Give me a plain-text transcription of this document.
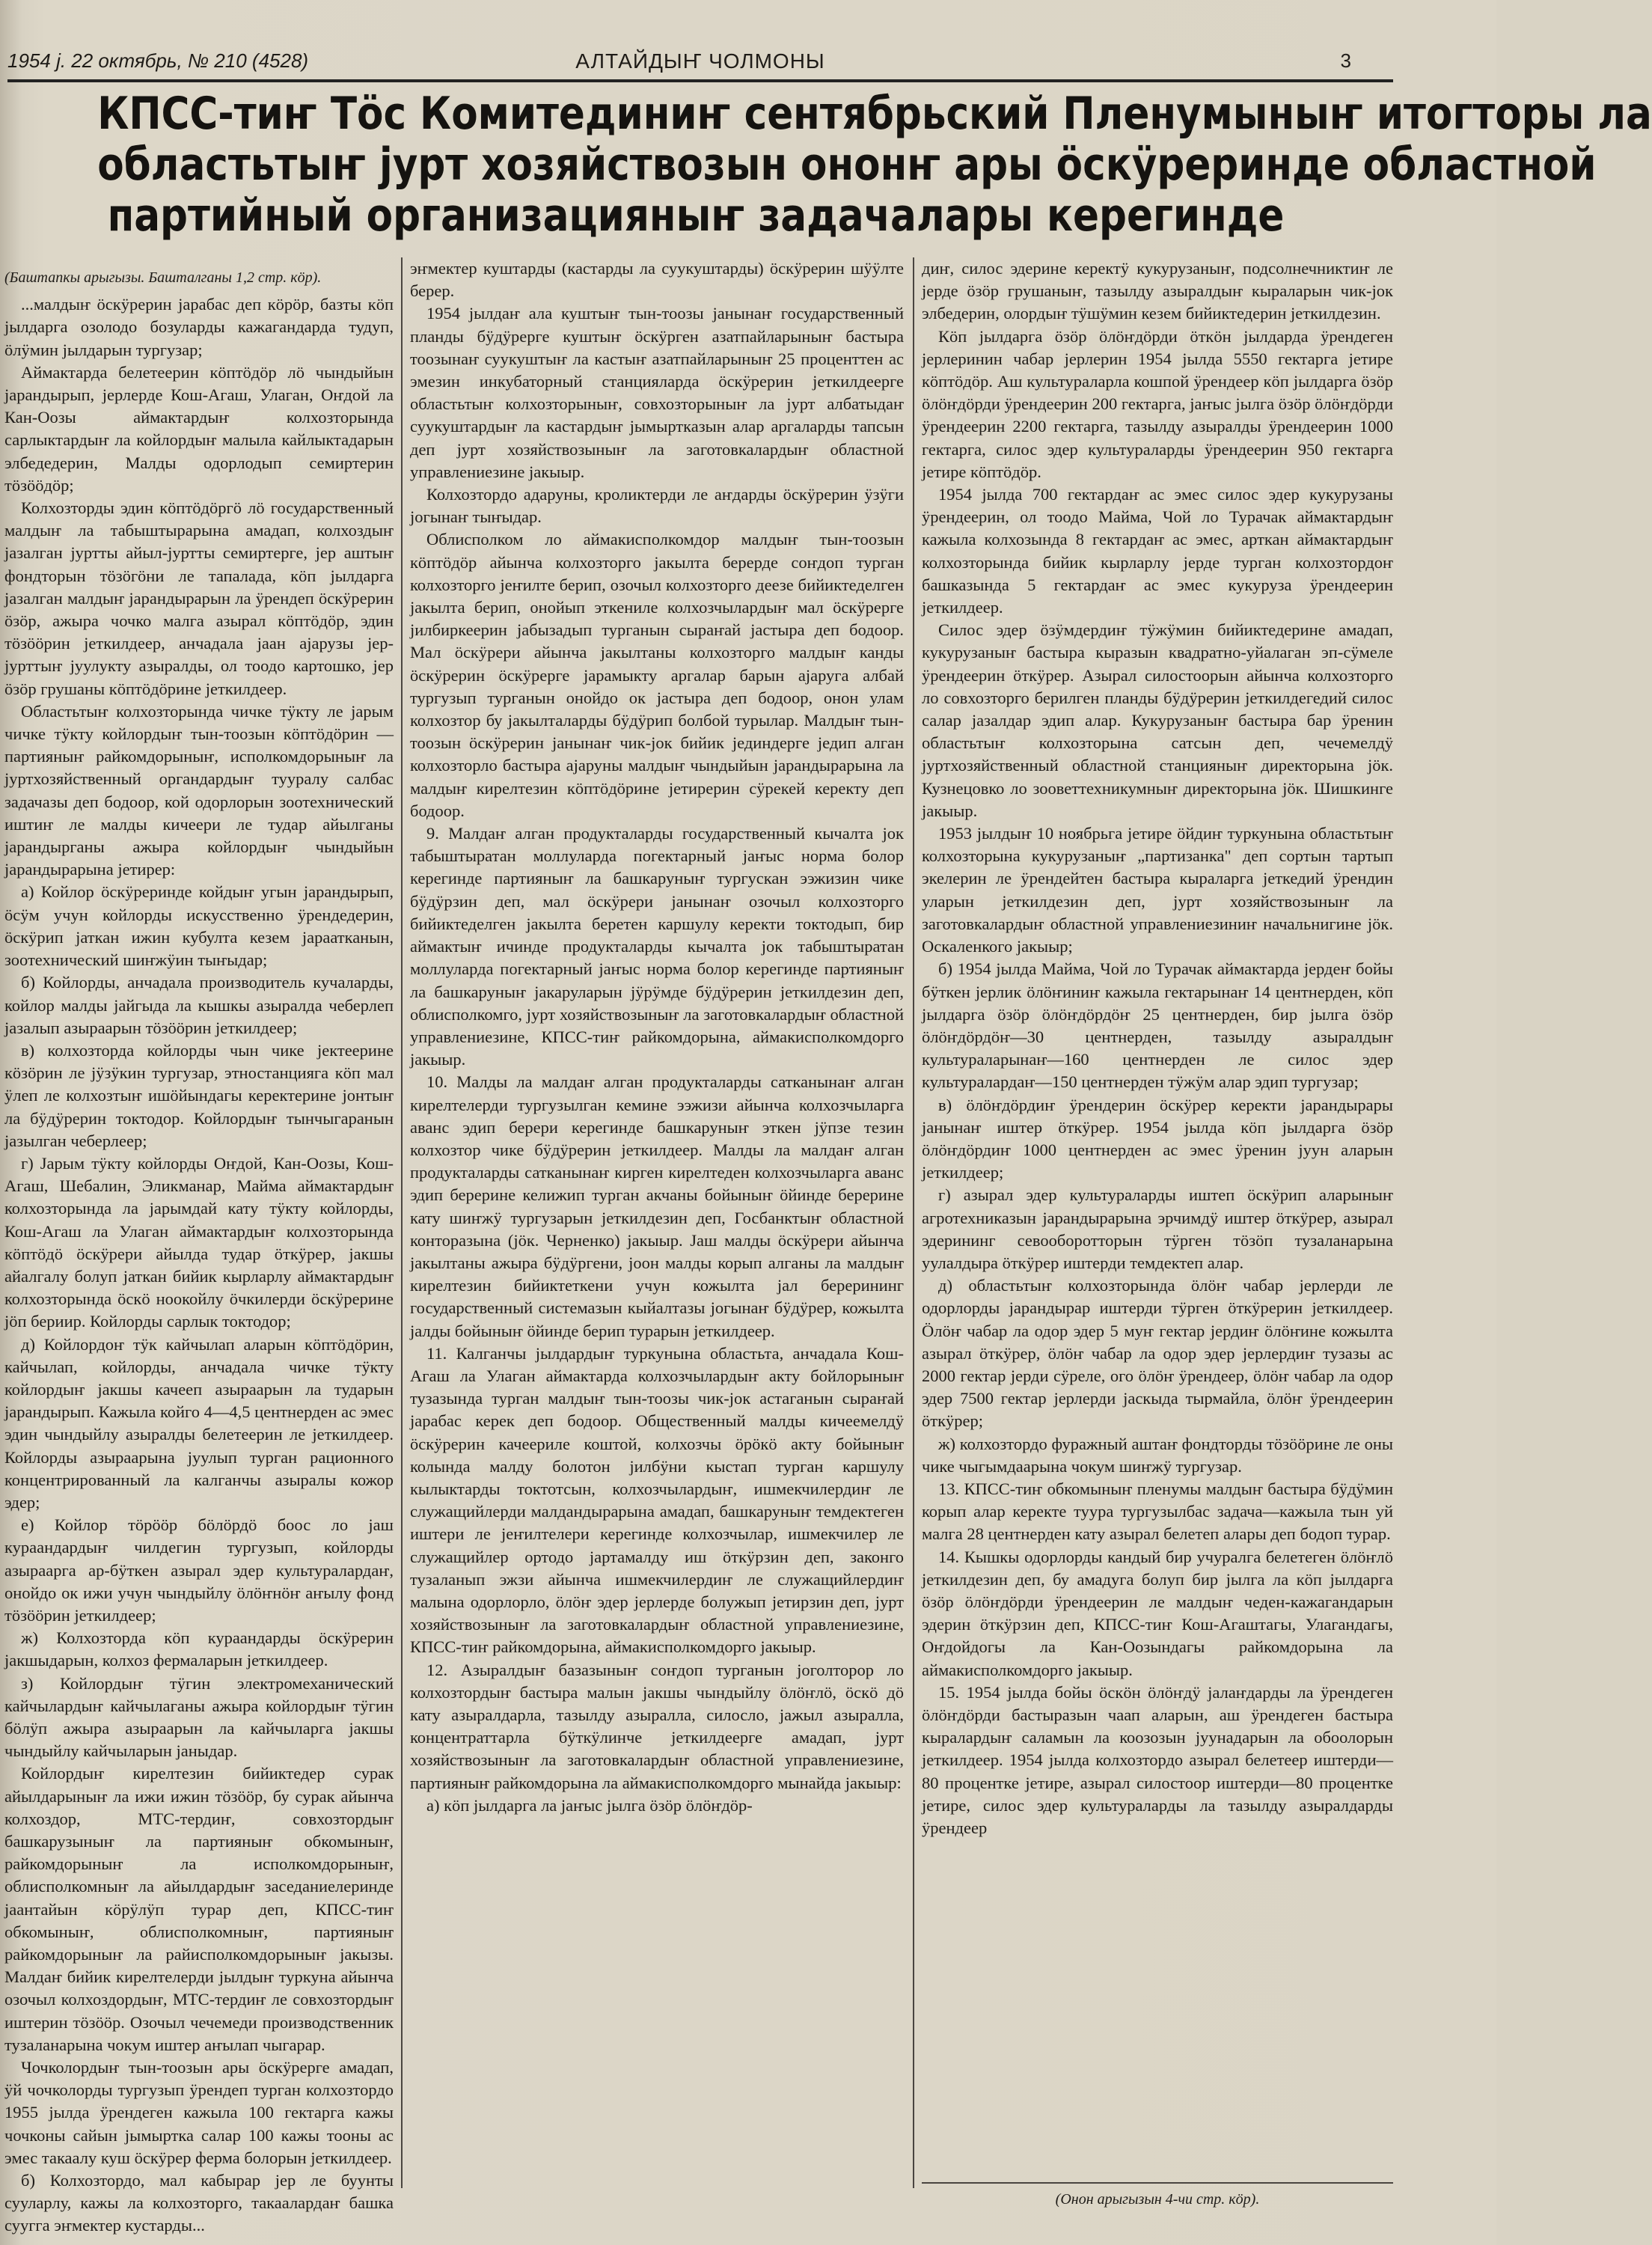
1954 j. 22 октябрь, № 210 (4528)	АЛТАЙДЫҤ ЧОЛМОНЫ	3
КПСС-тиҥ Тӧс Комитединиҥ сентябрьский Пленумыныҥ итогторы ла
областьтыҥ јурт хозяйствозын ононҥ ары ӧскӱреринде областной
партийный организацияныҥ задачалары керегинде

(Баштапкы арыгызы. Башталганы 1,2 стр. кӧр).

...малдыҥ ӧскӱрерин јарабас деп кӧрӧр, базты кӧп јылдарга озолодо бозуларды кажагандарда тудуп, ӧлӱмин јылдарын тургузар;

Аймактарда белетеерин кӧптӧдӧр лӧ чындыйын јарандырып, јерлерде Кош-Агаш, Улаган, Оҥдой ла Кан-Оозы аймактардыҥ колхозторында сарлыктардыҥ ла койлордыҥ малыла кайлыктадарын элбедедерин, Малды одорлодып семиртерин тӧзӧӧдӧр;

Колхозторды эдин кӧптӧдӧргӧ лӧ государственный малдыҥ ла табыштырарына амадап, колхоздыҥ јазалган јуртты айыл-јуртты семиртерге, јер аштыҥ фондторын тӧзӧгӧни ле тапалада, кӧп јылдарга јазалган малдыҥ јарандырарын ла ӱрендеп ӧскӱрерин ӧзӧр, ажыра чочко малга азырал кӧптӧдӧр, эдин тӧзӧӧрин јеткилдеер, анчадала јаан ајарузы јер-јурттыҥ јуулукту азыралды, ол тоодо картошко, јер ӧзӧр грушаны кӧптӧдӧрине јеткилдеер.

Областьтыҥ колхозторында чичке тӱкту ле јарым чичке тӱкту койлордыҥ тын-тоозын кӧптӧдӧрин — партияныҥ райкомдорыныҥ, исполкомдорыныҥ ла јуртхозяйственный органдардыҥ тууралу салбас задачазы деп бодоор, кой одорлорын зоотехнический иштиҥ ле малды кичеери ле тудар айылганы јарандырганы ажыра койлордыҥ чындыйын јарандырарына јетирер:

а) Койлор ӧскӱреринде койдыҥ угын јарандырып, ӧсӱм учун койлорды искусственно ӱрендедерин, ӧскӱрип јаткан ижин кубулта кезем јараатканын, зоотехнический шиҥжӱин тыҥыдар;

б) Койлорды, анчадала производитель кучаларды, койлор малды јайгыда ла кышкы азыралда чеберлеп јазалып азыраарын тӧзӧӧрин јеткилдеер;

в) колхозторда койлорды чын чике јектеерине кӧзӧрин ле јӱзӱкин тургузар, этностанцияга кӧп мал ӱлеп ле колхозтыҥ ишӧйындагы керектерине јонтыҥ ла бӱдӱрерин токтодор. Койлордыҥ тынчыгаранын јазылган чеберлеер;

г) Јарым тӱкту койлорды Оҥдой, Кан-Оозы, Кош-Агаш, Шебалин, Эликманар, Майма аймактардыҥ колхозторында ла јарымдай кату тӱкту койлорды, Кош-Агаш ла Улаган аймактардыҥ колхозторында кӧптӧдӧ ӧскӱрери айылда тудар ӧткӱрер, јакшы айалгалу болуп јаткан бийик кырларлу аймактардыҥ колхозторында ӧскӧ ноокойлу ӧчкилерди ӧскӱрерине јӧп бериир. Койлорды сарлык токтодор;

д) Койлордоҥ тӱк кайчылап аларын кӧптӧдӧрин, кайчылап, койлорды, анчадала чичке тӱкту койлордыҥ јакшы качееп азыраарын ла тударын јарандырып. Кажыла койго 4—4,5 центнерден ас эмес эдин чындыйлу азыралды белетеерин ле јеткилдеер. Койлорды азыраарына јуулып турган рационного концентрированный ла калганчы азыралы кожор эдер;

е) Койлор тӧрӧӧр бӧлӧрдӧ боос ло јаш кураандардыҥ чилдегин тургузып, койлорды азыраарга ар-бӱткен азырал эдер культуралардаҥ, онойдо ок ижи учун чындыйлу ӧлӧҥнӧҥ аҥылу фонд тӧзӧӧрин јеткилдеер;

ж) Колхозторда кӧп кураандарды ӧскӱрерин јакшыдарын, колхоз фермаларын јеткилдеер.

з) Койлордыҥ тӱгин электромеханический кайчылардыҥ кайчылаганы ажыра койлордыҥ тӱгин бӧлӱп ажыра азыраарын ла кайчыларга јакшы чындыйлу кайчыларын јаныдар.

Койлордыҥ кирелтезин бийиктедер сурак айылдарыныҥ ла ижи ижин тӧзӧӧр, бу сурак айынча колхоздор, МТС-тердиҥ, совхозтордыҥ башкарузыныҥ ла партияныҥ обкомыныҥ, райкомдорыныҥ ла исполкомдорыныҥ, облисполкомныҥ ла айылдардыҥ заседаниелеринде јаантайын кӧрӱлӱп турар деп, КПСС-тиҥ обкомыныҥ, облисполкомныҥ, партияныҥ райкомдорыныҥ ла райисполкомдорыныҥ јакызы. Малдаҥ бийик кирелтелерди јылдыҥ туркуна айынча озочыл колхоздордыҥ, МТС-тердиҥ ле совхозтордыҥ иштерин тӧзӧӧр. Озочыл чечемеди производственник тузаланарына чокум иштер аҥылап чыгарар.

Чочколордыҥ тын-тоозын ары ӧскӱрерге амадап, ӱй чочколорды тургузып ӱрендеп турган колхозтордо 1955 јылда ӱрендеген кажыла 100 гектарга кажы чочконы сайын јымыртка салар 100 кажы тооны ас эмес такаалу куш ӧскӱрер ферма болорын јеткилдеер.

б) Колхозтордо, мал кабырар јер ле буунты сууларлу, кажы ла колхозторго, такаалардаҥ башка суугга эҥмектер кустарды...

эҥмектер куштарды (кастарды ла суукуштарды) ӧскӱрерин шӱӱлте берер.

1954 јылдаҥ ала куштыҥ тын-тоозы јанынаҥ государственный планды бӱдӱрерге куштыҥ ӧскӱрген азатпайларыныҥ бастыра тоозынаҥ суукуштыҥ ла кастыҥ азатпайларыныҥ 25 проценттен ас эмезин инкубаторный станцияларда ӧскӱрерин јеткилдеерге областьтыҥ колхозторыныҥ, совхозторыныҥ ла јурт албатыдаҥ суукуштардыҥ ла кастардыҥ јымыртказын алар аргаларды тапсын деп јурт хозяйствозыныҥ ла заготовкалардыҥ областной управлениезине јакыыр.

Колхозтордо адаруны, кроликтерди ле аҥдарды ӧскӱрерин ӱзӱги јогынаҥ тыҥыдар.

Облисполком ло аймакисполкомдор малдыҥ тын-тоозын кӧптӧдӧр айынча колхозторго јакылта берерде соҥдоп турган колхозторго јеҥилте берип, озочыл колхозторго деезе бийиктеделген јакылта берип, онойып эткениле колхозчылардыҥ мал ӧскӱрерге јилбиркеерин јабызадып турганын сыраҥай јастыра деп бодоор. Мал ӧскӱрери айынча јакылтаны колхозторго малдыҥ канды ӧскӱрерин ӧскӱрерге јарамыкту аргалар барын ајаруга албай тургузып турганын онойдо ок јастыра деп бодоор, онон улам колхозтор бу јакылталарды бӱдӱрип болбой турылар. Малдыҥ тын-тоозын ӧскӱрерин јанынаҥ чик-јок бийик јединдерге једип алган колхозторло бастыра ајаруны малдыҥ чындыйын јарандырарына ла малдыҥ кирелтезин кӧптӧдӧрине јетирерин сӱрекей керекту деп бодоор.

9. Малдаҥ алган продукталарды государственный кычалта јок табыштыратан моллуларда погектарный јаҥыс норма болор керегинде партияныҥ ла башкаруныҥ тургускан ээжизин чике бӱдӱрзин деп, мал ӧскӱрери јанынаҥ озочыл колхозторго бийиктеделген јакылта беретен каршулу керекти токтодып, бир аймактыҥ ичинде продукталарды кычалта јок табыштыратан моллуларда погектарный јаҥыс норма болор керегинде партияныҥ ла башкаруныҥ јакаруларын јӱрӱмде бӱдӱрерин јеткилдезин деп, облисполкомго, јурт хозяйствозыныҥ ла заготовкалардыҥ областной управлениезине, КПСС-тиҥ райкомдорына, аймакисполкомдорго јакыыр.

10. Малды ла малдаҥ алган продукталарды сатканынаҥ алган кирелтелерди тургузылган кемине ээжизи айынча колхозчыларга аванс эдип берери керегинде башкаруныҥ эткен јӱпзе тезин колхозтор чике бӱдӱрерин јеткилдеер. Малды ла малдаҥ алган продукталарды сатканынаҥ кирген кирелтеден колхозчыларга аванс эдип берерине келижип турган акчаны бойыныҥ ӧйинде берерине кату шиҥжӱ тургузарын јеткилдезин деп, Госбанктыҥ областной конторазына (јӧк. Черненко) јакыыр. Јаш малды ӧскӱрери айынча јакылтаны ажыра бӱдӱргени, јоон малды корып алганы ла малдыҥ кирелтезин бийиктеткени учун кожылта јал берерининг государственный системазын кыйалтазы јогынаҥ бӱдӱрер, кожылта јалды бойыныҥ ӧйинде берип турарын јеткилдеер.

11. Калганчы јылдардыҥ туркунына областьта, анчадала Кош-Агаш ла Улаган аймактарда колхозчылардыҥ акту бойлорыныҥ тузазында турган малдыҥ тын-тоозы чик-јок астаганын сыраҥай јарабас керек деп бодоор. Общественный малды кичеемелдӱ ӧскӱрерин качеериле коштой, колхозчы ӧрӧкӧ акту бойыныҥ колында малду болотон јилбӱни кыстап турган каршулу кылыктарды токтотсын, колхозчылардыҥ, ишмекчилердиҥ ле служащийлерди малдандырарына амадап, башкаруныҥ темдектеген иштери ле јеҥилтелери керегинде колхозчылар, ишмекчилер ле служащийлер ортодо јартамалду иш ӧткӱрзин деп, законго тузаланып эжзи айынча ишмекчилердиҥ ле служащийлердиҥ малына одорлорло, ӧлӧҥ эдер јерлерде болужып јетирзин деп, јурт хозяйствозыныҥ ла заготовкалардыҥ областной управлениезине, КПСС-тиҥ райкомдорына, аймакисполкомдорго јакыыр.

12. Азыралдыҥ базазыныҥ соҥдоп турганын јоголторор ло колхозтордыҥ бастыра малын јакшы чындыйлу ӧлӧҥлӧ, ӧскӧ дӧ кату азыралдарла, тазылду азыралла, силосло, јажыл азыралла, концентраттарла бӱткӱлинче јеткилдеерге амадап, јурт хозяйствозыныҥ ла заготовкалардыҥ областной управлениезине, партияныҥ райкомдорына ла аймакисполкомдорго мынайда јакыыр:

а) кӧп јылдарга ла јаҥыс јылга ӧзӧр ӧлӧҥдӧр-

диҥ, силос эдерине керектӱ кукурузаныҥ, подсолнечниктиҥ ле јерде ӧзӧр грушаныҥ, тазылду азыралдыҥ кыраларын чик-јок элбедерин, олордыҥ тӱшӱмин кезем бийиктедерин јеткилдезин.

Кӧп јылдарга ӧзӧр ӧлӧҥдӧрди ӧткӧн јылдарда ӱрендеген јерлеринин чабар јерлерин 1954 јылда 5550 гектарга јетире кӧптӧдӧр. Аш культураларла кошпой ӱрендеер кӧп јылдарга ӧзӧр ӧлӧҥдӧрди ӱрендеерин 200 гектарга, јаҥыс јылга ӧзӧр ӧлӧҥдӧрди ӱрендеерин 2200 гектарга, тазылду азыралды ӱрендеерин 1000 гектарга, силос эдер культураларды ӱрендеерин 950 гектарга јетире кӧптӧдӧр.

1954 јылда 700 гектардаҥ ас эмес силос эдер кукурузаны ӱрендеерин, ол тоодо Майма, Чой ло Турачак аймактардыҥ кажыла колхозында 8 гектардаҥ ас эмес, арткан аймактардыҥ колхозторында бийик кырларлу јерде турган колхозтордоҥ башказында 5 гектардаҥ ас эмес кукуруза ӱрендеерин јеткилдеер.

Силос эдер ӧзӱмдердиҥ тӱжӱмин бийиктедерине амадап, кукурузаныҥ бастыра кыразын квадратно-уйалаган эп-сӱмеле ӱрендеерин ӧткӱрер. Азырал силостоорын айынча колхозторго ло совхозторго берилген планды бӱдӱрерин јеткилдегедий силос салар јазалдар эдип алар. Кукурузаныҥ бастыра бар ӱренин областьтыҥ колхозторына сатсын деп, чечемелдӱ јуртхозяйственный областной станцияныҥ директорына јӧк. Кузнецовко ло зооветтехникумныҥ директорына јӧк. Шишкинге јакыыр.

1953 јылдыҥ 10 ноябрьга јетире ӧйдиҥ туркунына областьтыҥ колхозторына кукурузаныҥ „партизанка" деп сортын тартып экелерин ле ӱрендейтен бастыра кыраларга јеткедий ӱрендин уларын јеткилдезин деп, јурт хозяйствозыныҥ ла заготовкалардыҥ областной управлениезиниҥ начальнигине јӧк. Оскаленкого јакыыр;

б) 1954 јылда Майма, Чой ло Турачак аймактарда јердеҥ бойы бӱткен јерлик ӧлӧҥиниҥ кажыла гектарынаҥ 14 центнерден, кӧп јылдарга ӧзӧр ӧлӧҥдӧрдӧҥ 25 центнерден, бир јылга ӧзӧр ӧлӧҥдӧрдӧҥ—30 центнерден, тазылду азыралдыҥ культураларынаҥ—160 центнерден ле силос эдер культуралардаҥ—150 центнерден тӱжӱм алар эдип тургузар;

в) ӧлӧҥдӧрдиҥ ӱрендерин ӧскӱрер керекти јарандырары јанынаҥ иштер ӧткӱрер. 1954 јылда кӧп јылдарга ӧзӧр ӧлӧҥдӧрдиҥ 1000 центнерден ас эмес ӱренин јуун аларын јеткилдеер;

г) азырал эдер культураларды иштеп ӧскӱрип аларыныҥ агротехниказын јарандырарына эрчимдӱ иштер ӧткӱрер, азырал эдерининг севооборотторын тӱрген тӧзӧп тузаланарына уулалдыра ӧткӱрер иштерди темдектеп алар.

д) областьтыҥ колхозторында ӧлӧҥ чабар јерлерди ле одорлорды јарандырар иштерди тӱрген ӧткӱрерин јеткилдеер. Ӧлӧҥ чабар ла одор эдер 5 муҥ гектар јердиҥ ӧлӧҥине кожылта азырал ӧткӱрер, ӧлӧҥ чабар ла одор эдер јерлердиҥ тузазы ас 2000 гектар јерди сӱреле, ого ӧлӧҥ ӱрендеер, ӧлӧҥ чабар ла одор эдер 7500 гектар јерлерди јаскыда тырмайла, ӧлӧҥ ӱрендеерин ӧткӱрер;

ж) колхозтордо фуражный аштаҥ фондторды тӧзӧӧрине ле оны чике чыгымдаарына чокум шиҥжӱ тургузар.

13. КПСС-тиҥ обкомыныҥ пленумы малдыҥ бастыра бӱдӱмин корып алар керекте тууpa тургузылбас задача—кажыла тын уй малга 28 центнерден кату азырал белетеп алары деп бодоп турар.

14. Кышкы одорлорды кандый бир учуралга белетеген ӧлӧҥлӧ јеткилдезин деп, бу амадуга болуп бир јылга ла кӧп јылдарга ӧзӧр ӧлӧҥдӧрди ӱрендеерин ле малдыҥ чеден-кажагандарын эдерин ӧткӱрзин деп, КПСС-тиҥ Кош-Агаштагы, Улагандагы, Оҥдойдогы ла Кан-Оозындагы райкомдорына ла аймакисполкомдорго јакыыр.

15. 1954 јылда бойы ӧскӧн ӧлӧҥдӱ јалаҥдарды ла ӱрендеген ӧлӧҥдӧрди бастыразын чаап аларын, аш ӱрендеген бастыра кыралардыҥ саламын ла коозозын јуунадарын ла обоолорын јеткилдеер. 1954 јылда колхозтордо азырал белетеер иштерди—80 процентке јетире, азырал силостоор иштерди—80 процентке јетире, силос эдер культураларды ла тазылду азыралдарды ӱрендеер

(Онон арыгызын 4-чи стр. кӧр).
